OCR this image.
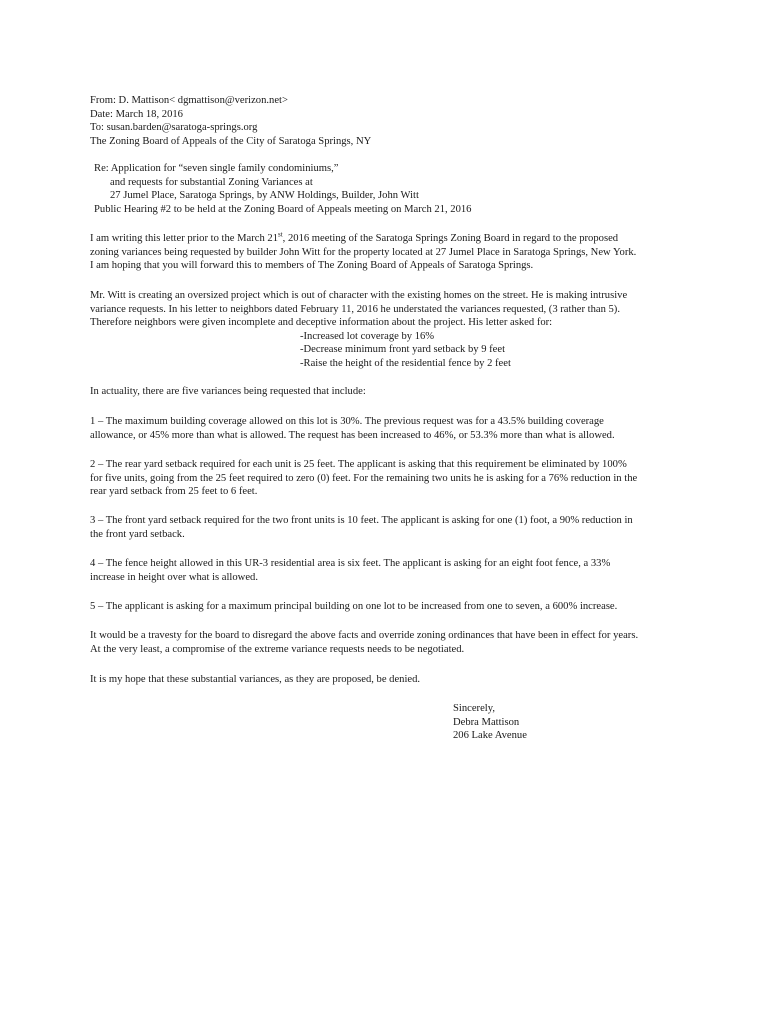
From: D. Mattison< dgmattison@verizon.net>
Date: March 18, 2016
To: susan.barden@saratoga-springs.org
The Zoning Board of Appeals of the City of Saratoga Springs, NY
Re: Application for “seven single family condominiums,”
and requests for substantial Zoning Variances at
27 Jumel Place, Saratoga Springs, by ANW Holdings, Builder, John Witt
Public Hearing #2 to be held at the Zoning Board of Appeals meeting on March 21, 2016
I am writing this letter prior to the March 21st, 2016 meeting of the Saratoga Springs Zoning Board in regard to the proposed
zoning variances being requested by builder John Witt for the property located at 27 Jumel Place in Saratoga Springs, New York.
I am hoping that you will forward this to members of The Zoning Board of Appeals of Saratoga Springs.
Mr. Witt is creating an oversized project which is out of character with the existing homes on the street. He is making intrusive
variance requests. In his letter to neighbors dated February 11, 2016 he understated the variances requested, (3 rather than 5).
Therefore neighbors were given incomplete and deceptive information about the project. His letter asked for:
-Increased lot coverage by 16%
-Decrease minimum front yard setback by 9 feet
-Raise the height of the residential fence by 2 feet
In actuality, there are five variances being requested that include:
1 – The maximum building coverage allowed on this lot is 30%. The previous request was for a 43.5% building coverage
allowance, or 45% more than what is allowed. The request has been increased to 46%, or 53.3% more than what is allowed.
2 – The rear yard setback required for each unit is 25 feet. The applicant is asking that this requirement be eliminated by 100%
for five units, going from the 25 feet required to zero (0) feet. For the remaining two units he is asking for a 76% reduction in the
rear yard setback from 25 feet to 6 feet.
3 – The front yard setback required for the two front units is 10 feet. The applicant is asking for one (1) foot, a 90% reduction in
the front yard setback.
4 – The fence height allowed in this UR-3 residential area is six feet. The applicant is asking for an eight foot fence, a 33%
increase in height over what is allowed.
5 – The applicant is asking for a maximum principal building on one lot to be increased from one to seven, a 600% increase.
It would be a travesty for the board to disregard the above facts and override zoning ordinances that have been in effect for years.
At the very least, a compromise of the extreme variance requests needs to be negotiated.
It is my hope that these substantial variances, as they are proposed, be denied.
Sincerely,
Debra Mattison
206 Lake Avenue
